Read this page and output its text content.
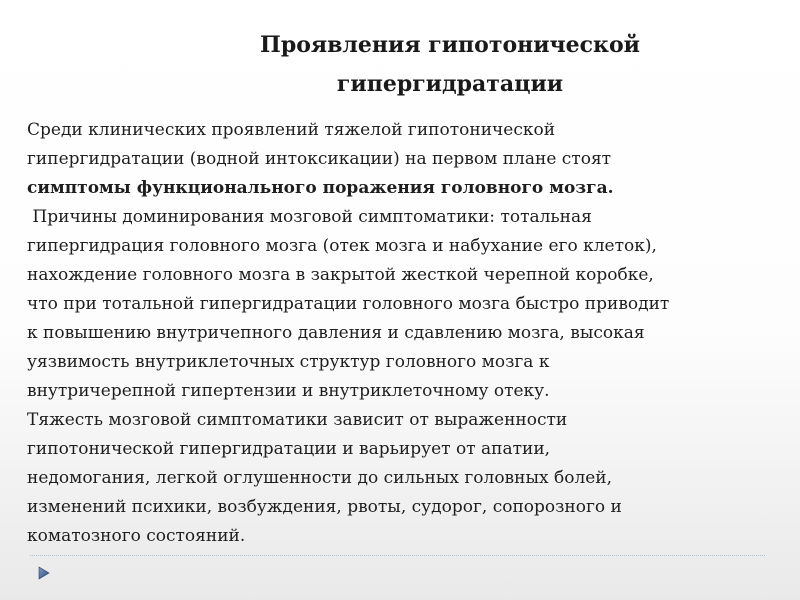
Проявления гипотонической
гипергидратации
Среди клинических проявлений тяжелой гипотонической
гипергидратации (водной интоксикации) на первом плане стоят
симптомы функционального поражения головного мозга.
Причины доминирования мозговой симптоматики: тотальная
гипергидрация головного мозга (отек мозга и набухание его клеток),
нахождение головного мозга в закрытой жесткой черепной коробке,
что при тотальной гипергидратации головного мозга быстро приводит
к повышению внутричепного давления и сдавлению мозга, высокая
уязвимость внутриклеточных структур головного мозга к
внутричерепной гипертензии и внутриклеточному отеку.
Тяжесть мозговой симптоматики зависит от выраженности
гипотонической гипергидратации и варьирует от апатии,
недомогания, легкой оглушенности до сильных головных болей,
изменений психики, возбуждения, рвоты, судорог, сопорозного и
коматозного состояний.
